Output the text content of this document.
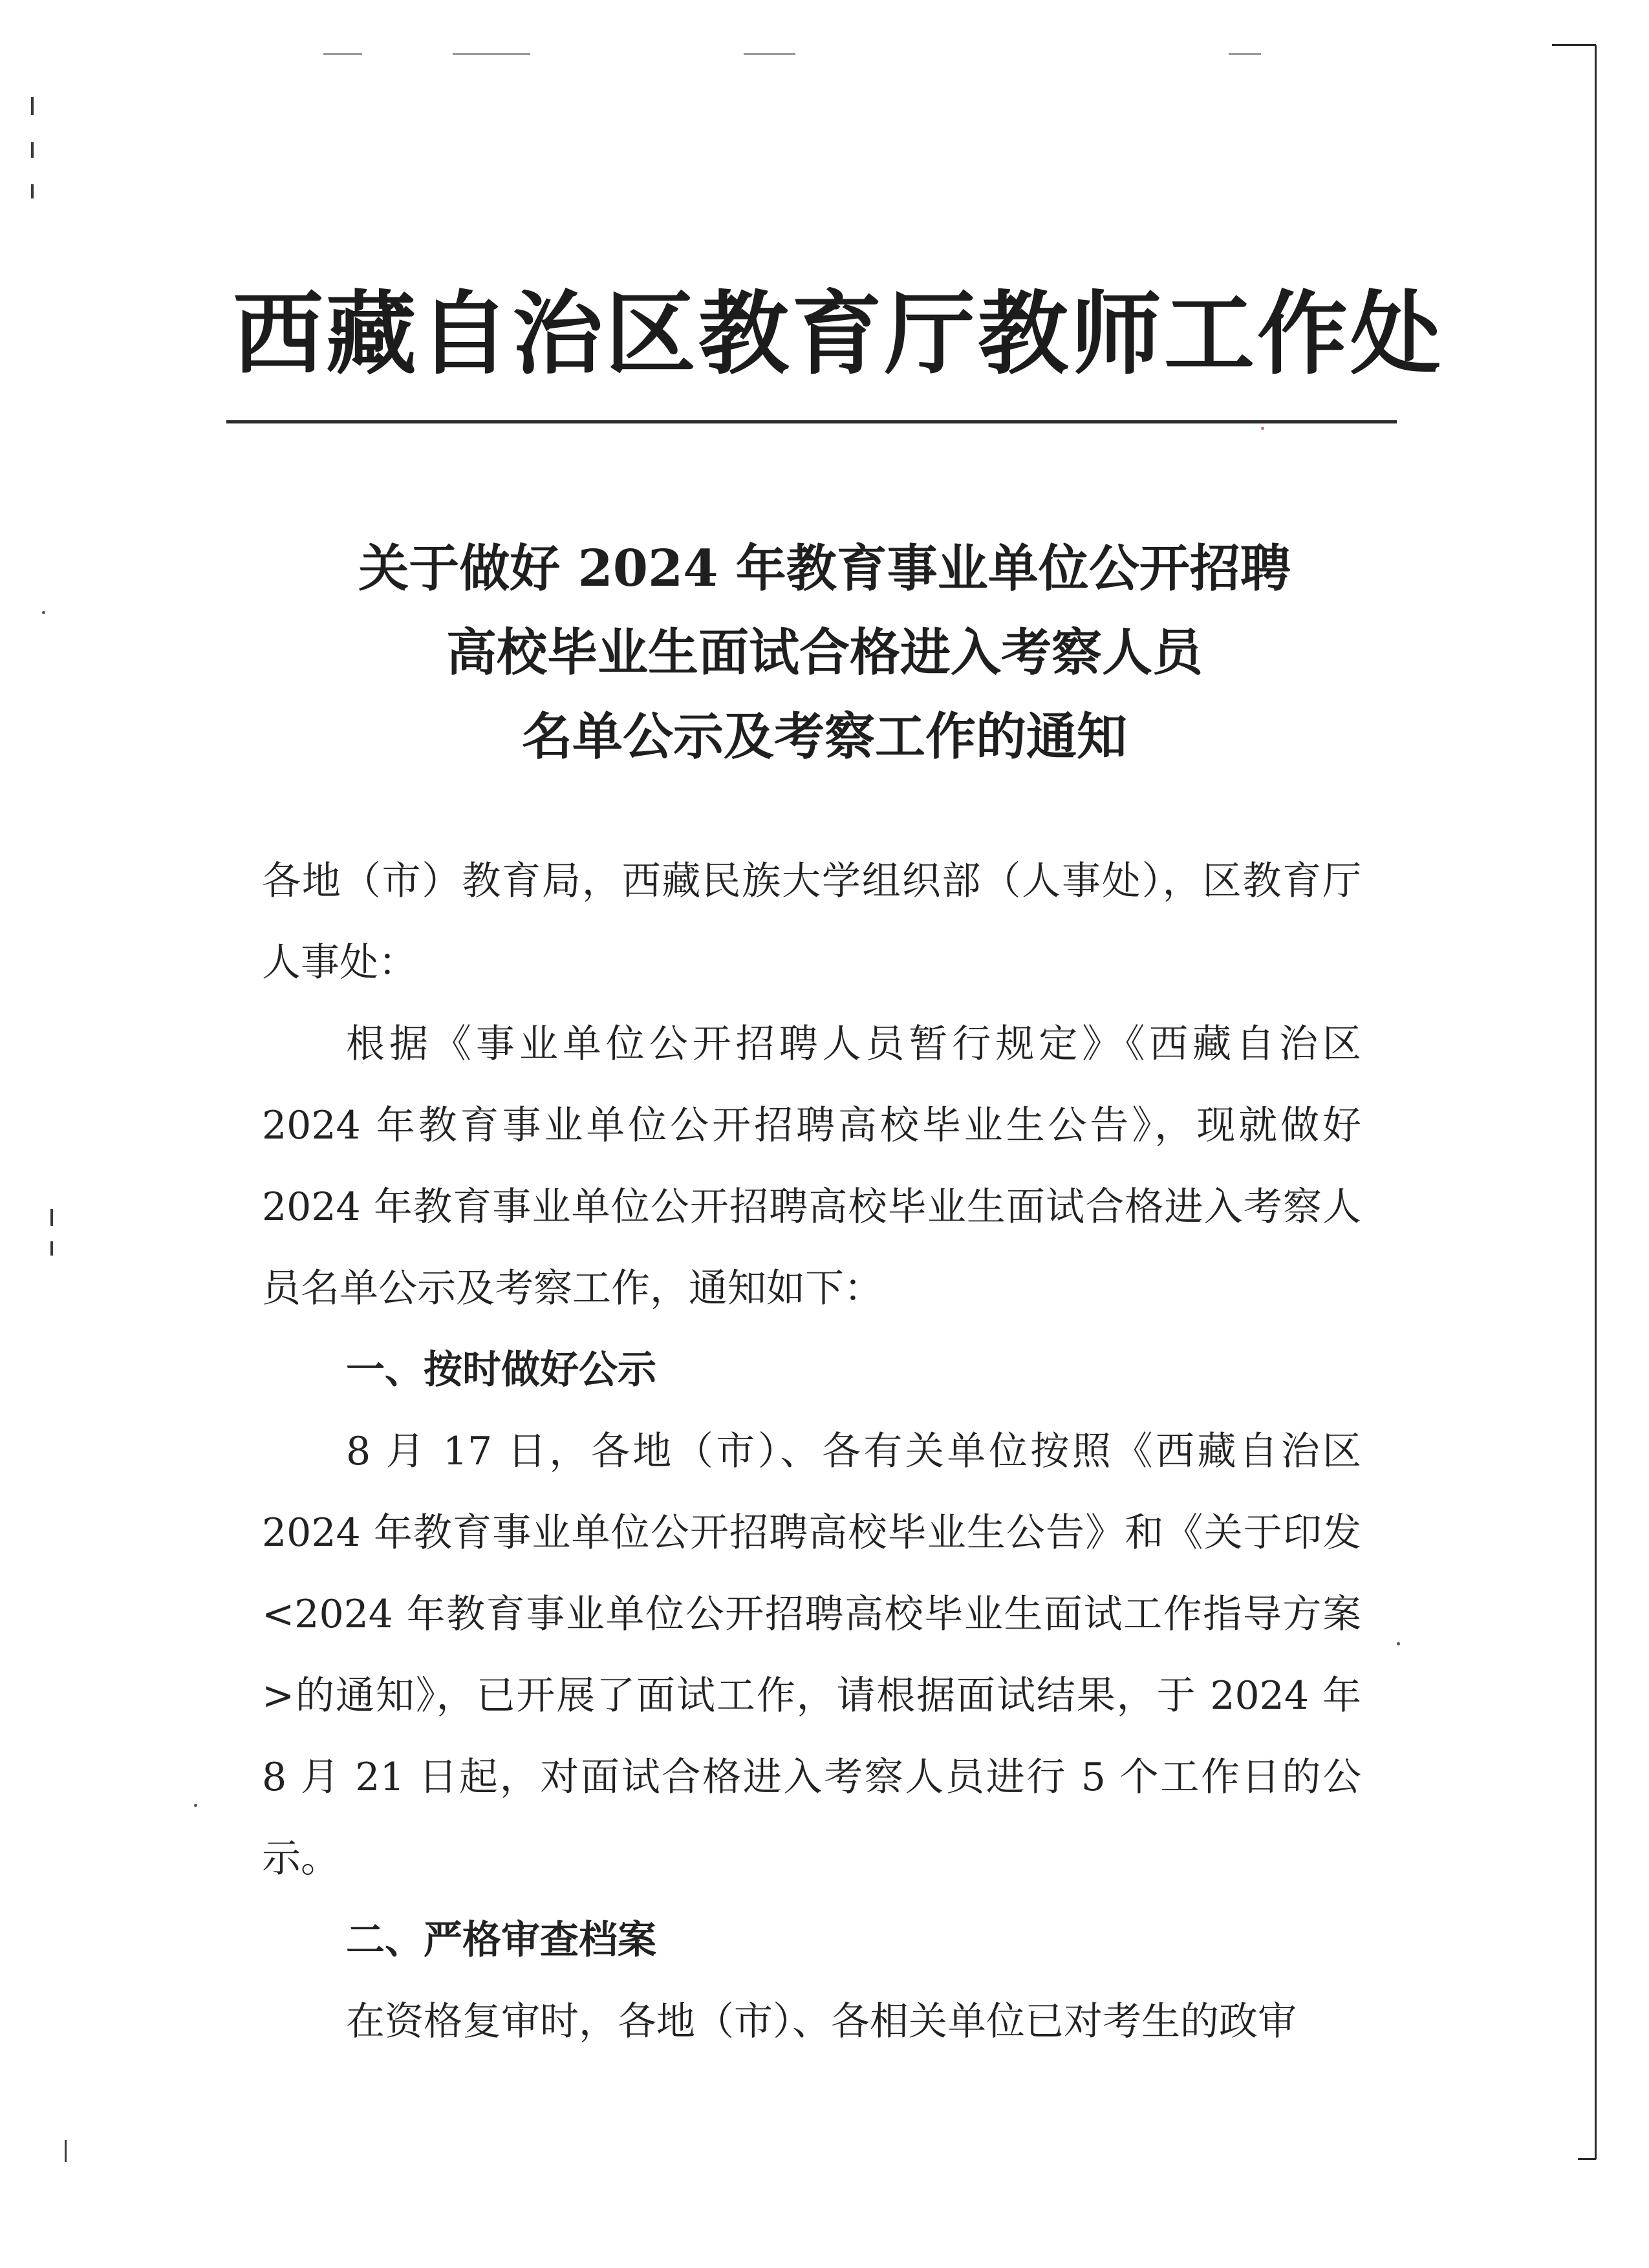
西藏自治区教育厅教师工作处
关于做好 2024 年教育事业单位公开招聘
高校毕业生面试合格进入考察人员
名单公示及考察工作的通知

各地（市）教育局，西藏民族大学组织部（人事处），区教育厅人事处：

根据《事业单位公开招聘人员暂行规定》《西藏自治区 2024 年教育事业单位公开招聘高校毕业生公告》，现就做好 2024 年教育事业单位公开招聘高校毕业生面试合格进入考察人员名单公示及考察工作，通知如下：

一、按时做好公示

8 月 17 日，各地（市）、各有关单位按照《西藏自治区 2024 年教育事业单位公开招聘高校毕业生公告》和《关于印发<2024 年教育事业单位公开招聘高校毕业生面试工作指导方案>的通知》，已开展了面试工作，请根据面试结果，于 2024 年 8 月 21 日起，对面试合格进入考察人员进行 5 个工作日的公示。

二、严格审查档案

在资格复审时，各地（市）、各相关单位已对考生的政审
